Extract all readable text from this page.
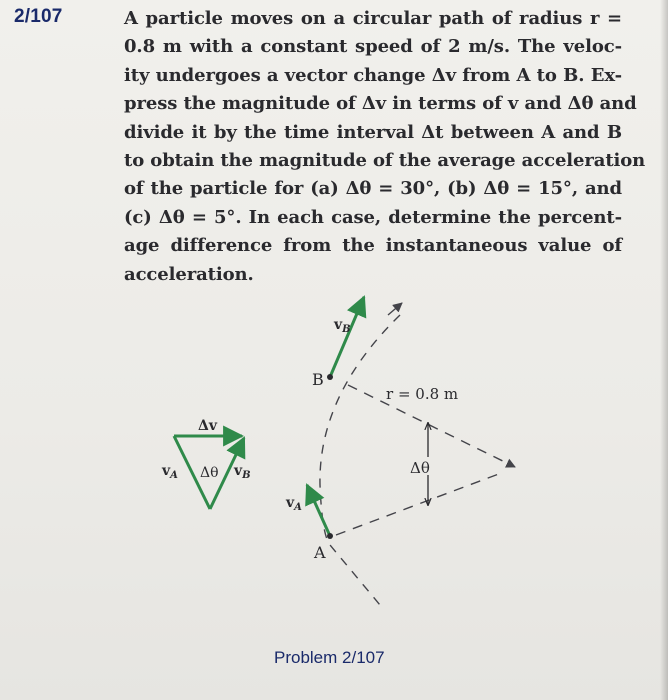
2/107	A particle moves on a circular path of radius r =
0.8 m with a constant speed of 2 m/s. The veloc-
ity undergoes a vector change Δv from A to B. Ex-
press the magnitude of Δv in terms of v and Δθ and
divide it by the time interval Δt between A and B
to obtain the magnitude of the average acceleration
of the particle for (a) Δθ = 30°, (b) Δθ = 15°, and
(c) Δθ = 5°. In each case, determine the percent-
age difference from the instantaneous value of
acceleration.
Δv
$v_A$ Δθ $v_B$
B
A
$v_B$
$v_A$
r = 0.8 m
Δθ
Problem 2/107
